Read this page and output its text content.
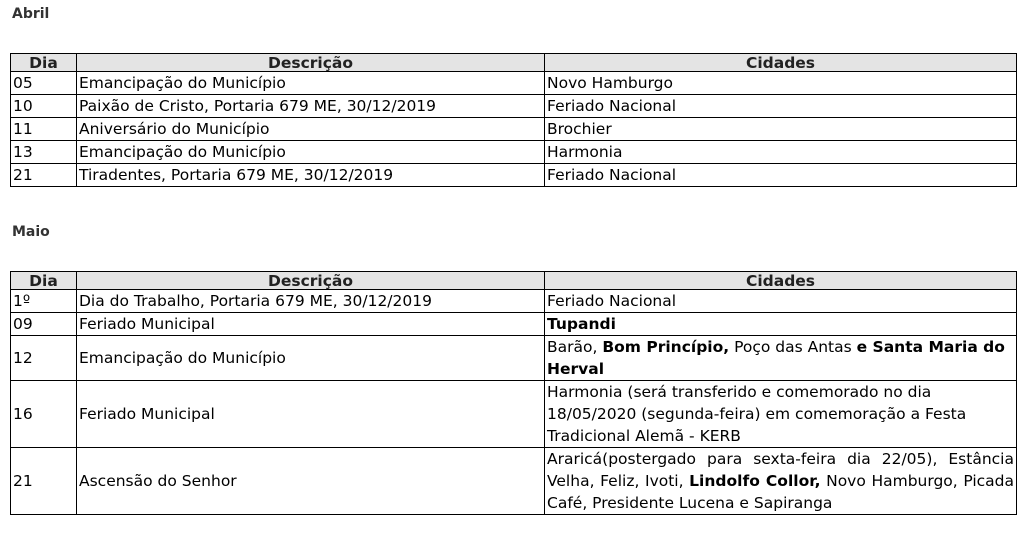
Abril
Dia	Descrição	Cidades
05	Emancipação do Município	Novo Hamburgo
10	Paixão de Cristo, Portaria 679 ME, 30/12/2019	Feriado Nacional
11	Aniversário do Município	Brochier
13	Emancipação do Município	Harmonia
21	Tiradentes, Portaria 679 ME, 30/12/2019	Feriado Nacional
Maio
Dia	Descrição	Cidades
1º	Dia do Trabalho, Portaria 679 ME, 30/12/2019	Feriado Nacional
09	Feriado Municipal	Tupandi
12	Emancipação do Município	Barão, Bom Princípio, Poço das Antas e Santa Maria do Herval
16	Feriado Municipal	Harmonia (será transferido e comemorado no dia 18/05/2020 (segunda-feira) em comemoração a Festa Tradicional Alemã - KERB
21	Ascensão do Senhor	Araricá(postergado para sexta-feira dia 22/05), Estância Velha, Feliz, Ivoti, Lindolfo Collor, Novo Hamburgo, Picada Café, Presidente Lucena e Sapiranga
